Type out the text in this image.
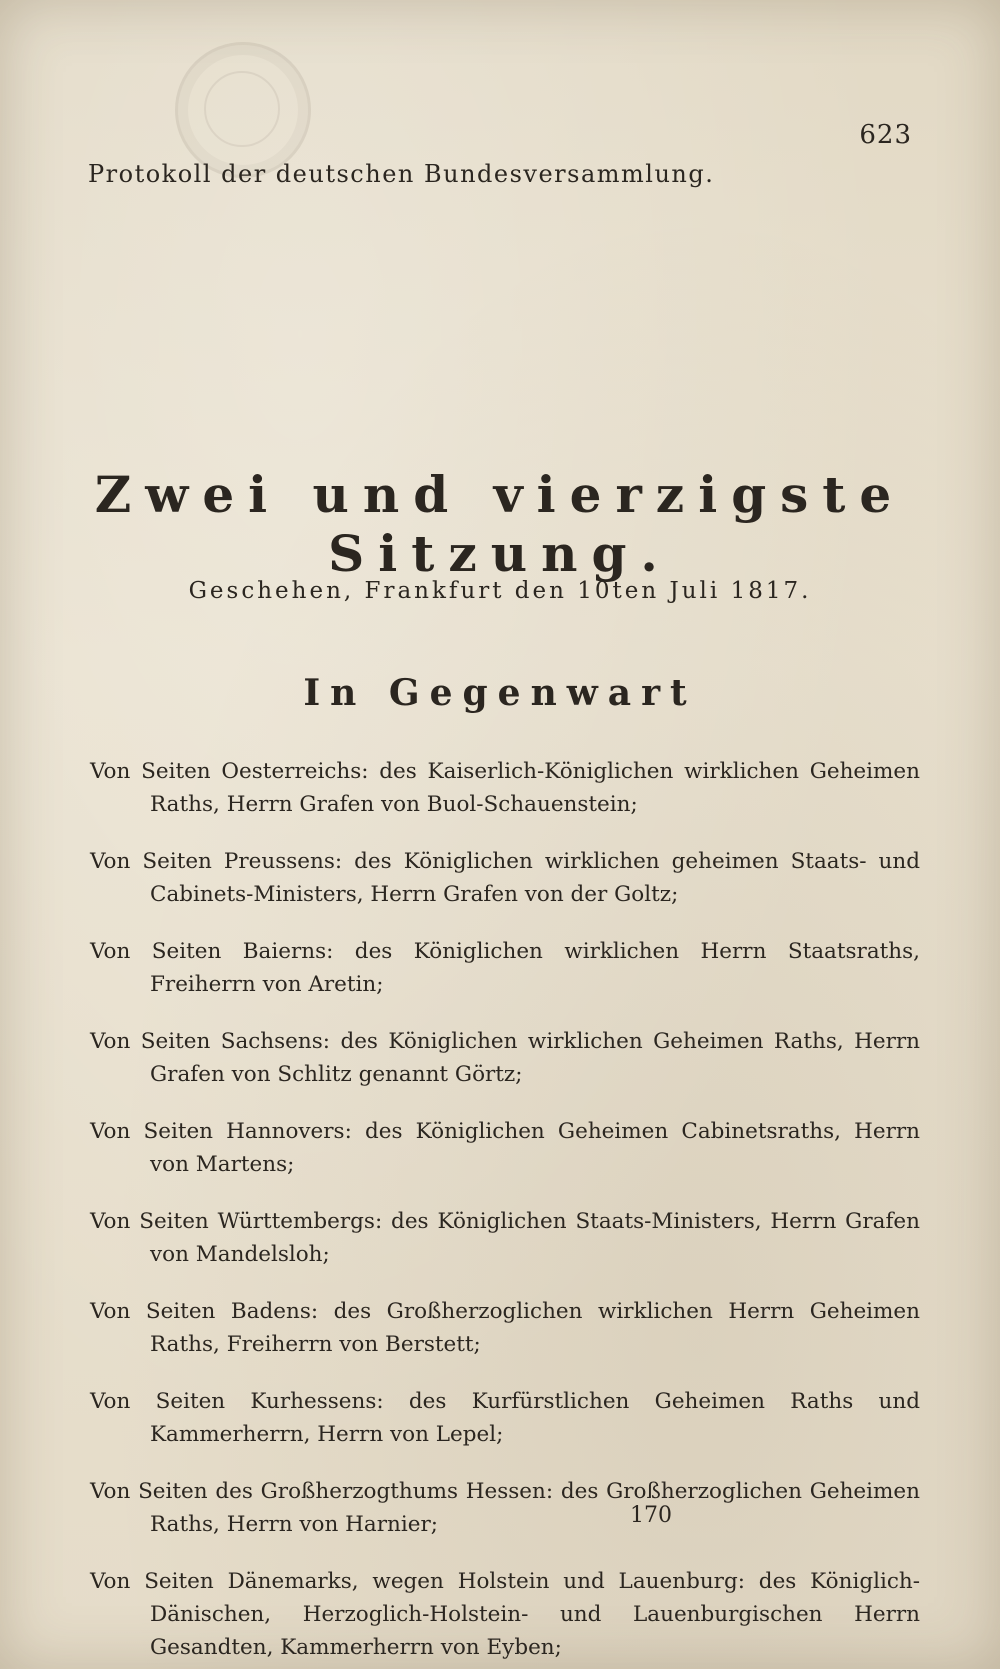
623
Protokoll der deutschen Bundesversammlung.
Zwei und vierzigste Sitzung.
Geschehen, Frankfurt den 10ten Juli 1817.
In Gegenwart
Von Seiten Oesterreichs: des Kaiserlich-Königlichen wirklichen Geheimen Raths, Herrn Grafen von Buol-Schauenstein;
Von Seiten Preussens: des Königlichen wirklichen geheimen Staats- und Cabinets-Ministers, Herrn Grafen von der Goltz;
Von Seiten Baierns: des Königlichen wirklichen Herrn Staatsraths, Freiherrn von Aretin;
Von Seiten Sachsens: des Königlichen wirklichen Geheimen Raths, Herrn Grafen von Schlitz genannt Görtz;
Von Seiten Hannovers: des Königlichen Geheimen Cabinetsraths, Herrn von Martens;
Von Seiten Württembergs: des Königlichen Staats-Ministers, Herrn Grafen von Mandelsloh;
Von Seiten Badens: des Großherzoglichen wirklichen Herrn Geheimen Raths, Freiherrn von Berstett;
Von Seiten Kurhessens: des Kurfürstlichen Geheimen Raths und Kammerherrn, Herrn von Lepel;
Von Seiten des Großherzogthums Hessen: des Großherzoglichen Geheimen Raths, Herrn von Harnier;
Von Seiten Dänemarks, wegen Holstein und Lauenburg: des Königlich-Dänischen, Herzoglich-Holstein- und Lauenburgischen Herrn Gesandten, Kammerherrn von Eyben;
170
